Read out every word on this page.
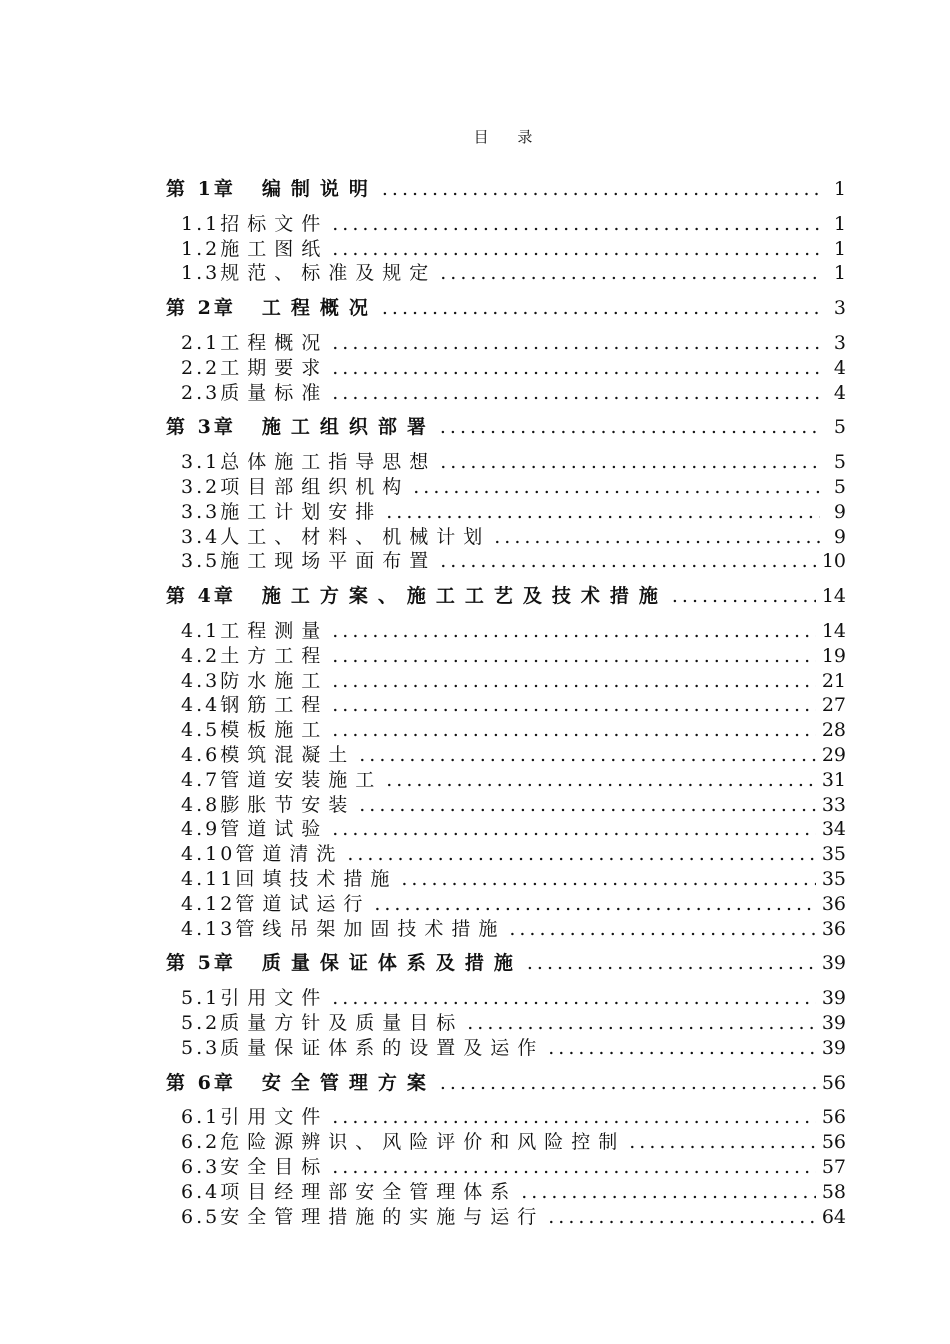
目 录
第 1章 编制说明 .....	1
1.1 招标文件 .....	1
1.2 施工图纸 .....	1
1.3 规范、标准及规定 .....	1
第 2章 工程概况 .....	3
2.1 工程概况 .....	3
2.2 工期要求 .....	4
2.3 质量标准 .....	4
第 3章 施工组织部署 .....	5
3.1 总体施工指导思想 .....	5
3.2 项目部组织机构 .....	5
3.3 施工计划安排 .....	9
3.4 人工、材料、机械计划 .....	9
3.5 施工现场平面布置 .....	10
第 4章 施工方案、施工工艺及技术措施 .....	14
4.1 工程测量 .....	14
4.2 土方工程 .....	19
4.3 防水施工 .....	21
4.4 钢筋工程 .....	27
4.5 模板施工 .....	28
4.6 模筑混凝土 .....	29
4.7 管道安装施工 .....	31
4.8 膨胀节安装 .....	33
4.9 管道试验 .....	34
4.10 管道清洗 .....	35
4.11 回填技术措施 .....	35
4.12 管道试运行 .....	36
4.13 管线吊架加固技术措施 .....	36
第 5章 质量保证体系及措施 .....	39
5.1 引用文件 .....	39
5.2 质量方针及质量目标 .....	39
5.3 质量保证体系的设置及运作 .....	39
第 6章 安全管理方案 .....	56
6.1 引用文件 .....	56
6.2 危险源辨识、风险评价和风险控制 .....	56
6.3 安全目标 .....	57
6.4 项目经理部安全管理体系 .....	58
6.5 安全管理措施的实施与运行 .....	64
